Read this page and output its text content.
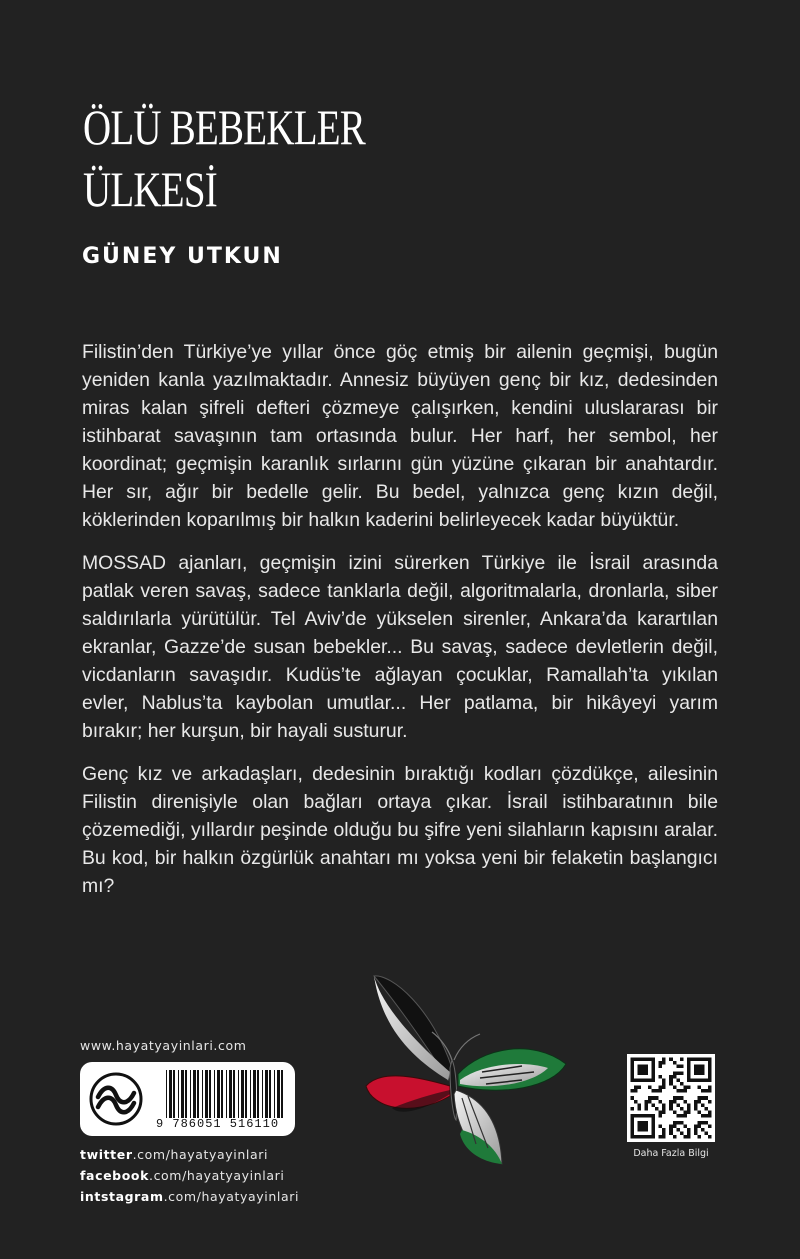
ÖLÜ BEBEKLER
ÜLKESİ
GÜNEY UTKUN

Filistin’den Türkiye’ye yıllar önce göç etmiş bir ailenin geçmişi, bugün yeniden kanla yazılmaktadır. Annesiz büyüyen genç bir kız, dedesinden miras kalan şifreli defteri çözmeye çalışırken, kendini uluslararası bir istihbarat savaşının tam ortasında bulur. Her harf, her sembol, her koordinat; geçmişin karanlık sırlarını gün yüzüne çıkaran bir anahtardır. Her sır, ağır bir bedelle gelir. Bu bedel, yalnızca genç kızın değil, köklerinden koparılmış bir halkın kaderini belirleyecek kadar büyüktür.

MOSSAD ajanları, geçmişin izini sürerken Türkiye ile İsrail arasında patlak veren savaş, sadece tanklarla değil, algoritmalarla, dronlarla, siber saldırılarla yürütülür. Tel Aviv’de yükselen sirenler, Ankara’da karartılan ekranlar, Gazze’de susan bebekler... Bu savaş, sadece devletlerin değil, vicdanların savaşıdır. Kudüs’te ağlayan çocuklar, Ramallah’ta yıkılan evler, Nablus’ta kaybolan umutlar... Her patlama, bir hikâyeyi yarım bırakır; her kurşun, bir hayali susturur.

Genç kız ve arkadaşları, dedesinin bıraktığı kodları çözdükçe, ailesinin Filistin direnişiyle olan bağları ortaya çıkar. İsrail istihbaratının bile çözemediği, yıllardır peşinde olduğu bu şifre yeni silahların kapısını aralar. Bu kod, bir halkın özgürlük anahtarı mı yoksa yeni bir felaketin başlangıcı mı?

www.hayatyayinlari.com
9 786051 516110
twitter.com/hayatyayinlari
facebook.com/hayatyayinlari
intstagram.com/hayatyayinlari
Daha Fazla Bilgi
